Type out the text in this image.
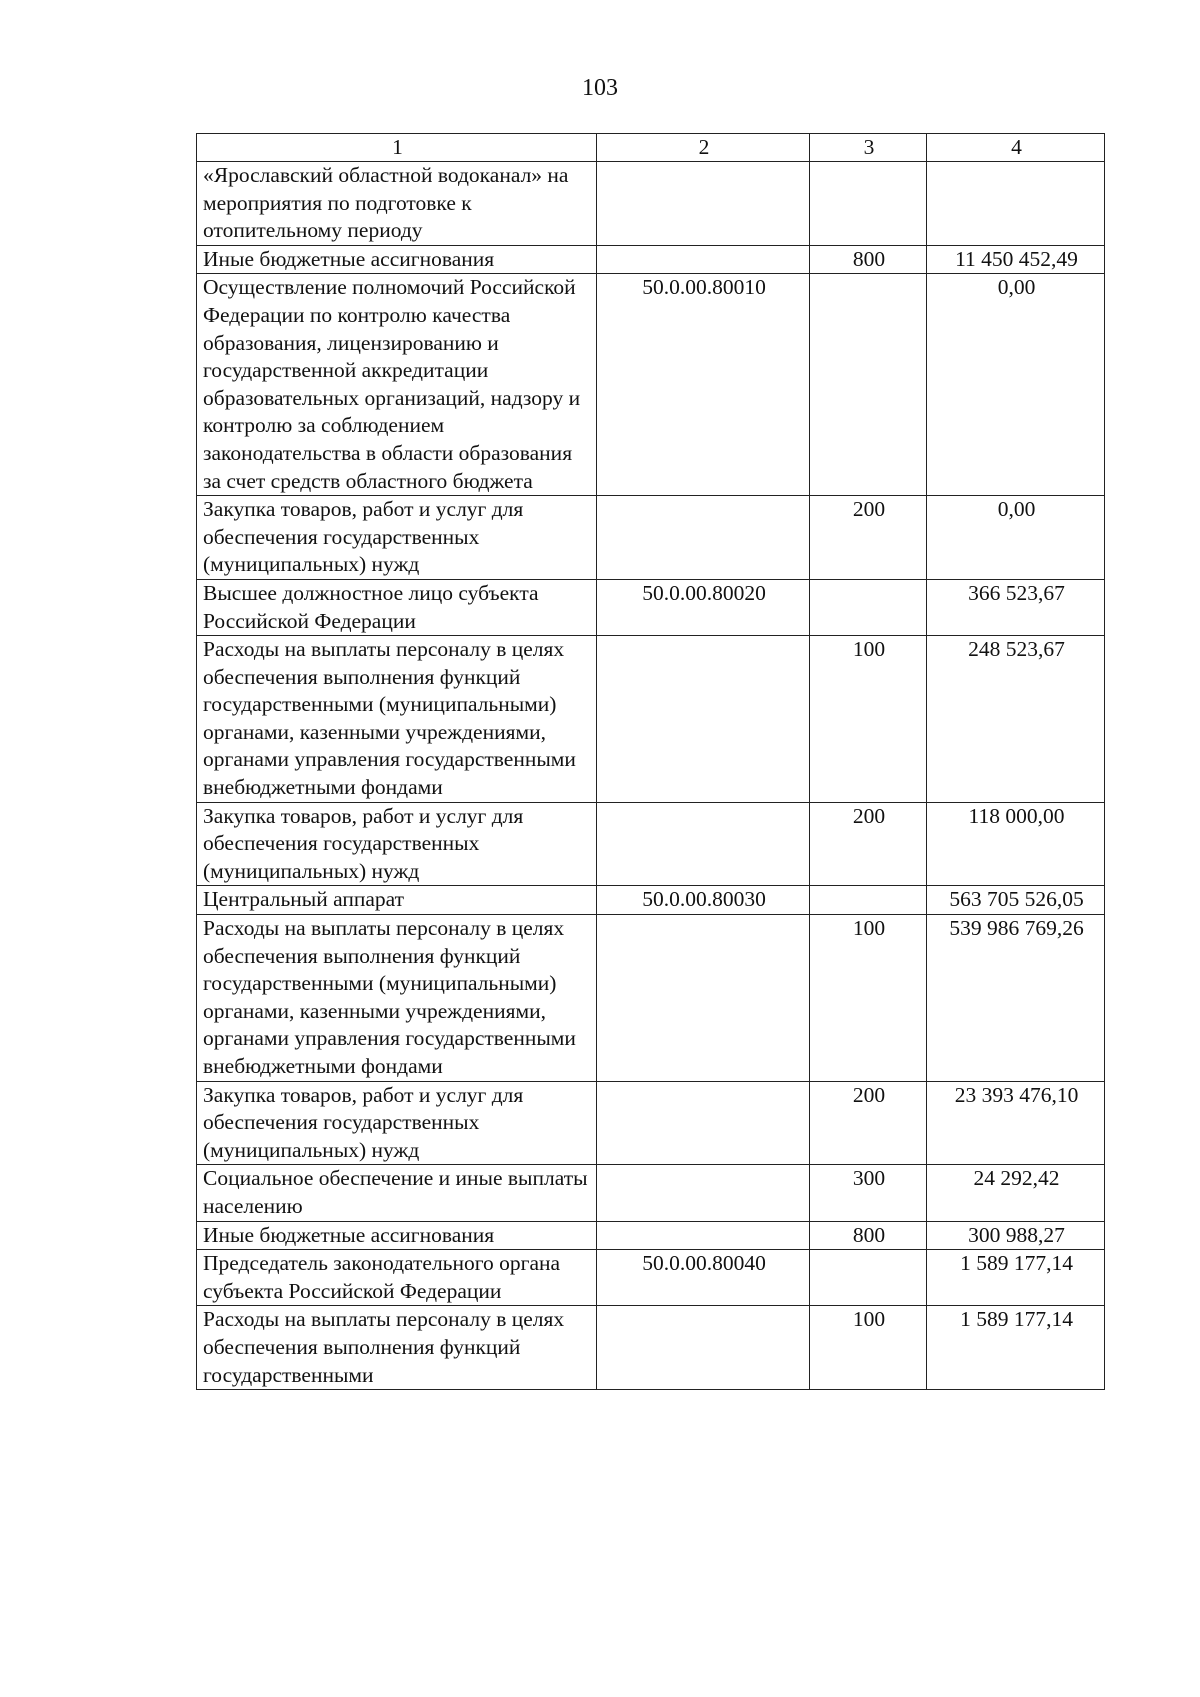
103
1	2	3	4
«Ярославский областной водоканал» на мероприятия по подготовке к отопительному периоду			
Иные бюджетные ассигнования		800	11 450 452,49
Осуществление полномочий Российской Федерации по контролю качества образования, лицензированию и государственной аккредитации образовательных организаций, надзору и контролю за соблюдением законодательства в области образования за счет средств областного бюджета	50.0.00.80010		0,00
Закупка товаров, работ и услуг для обеспечения государственных (муниципальных) нужд		200	0,00
Высшее должностное лицо субъекта Российской Федерации	50.0.00.80020		366 523,67
Расходы на выплаты персоналу в целях обеспечения выполнения функций государственными (муниципальными) органами, казенными учреждениями, органами управления государственными внебюджетными фондами		100	248 523,67
Закупка товаров, работ и услуг для обеспечения государственных (муниципальных) нужд		200	118 000,00
Центральный аппарат	50.0.00.80030		563 705 526,05
Расходы на выплаты персоналу в целях обеспечения выполнения функций государственными (муниципальными) органами, казенными учреждениями, органами управления государственными внебюджетными фондами		100	539 986 769,26
Закупка товаров, работ и услуг для обеспечения государственных (муниципальных) нужд		200	23 393 476,10
Социальное обеспечение и иные выплаты населению		300	24 292,42
Иные бюджетные ассигнования		800	300 988,27
Председатель законодательного органа субъекта Российской Федерации	50.0.00.80040		1 589 177,14
Расходы на выплаты персоналу в целях обеспечения выполнения функций государственными		100	1 589 177,14
